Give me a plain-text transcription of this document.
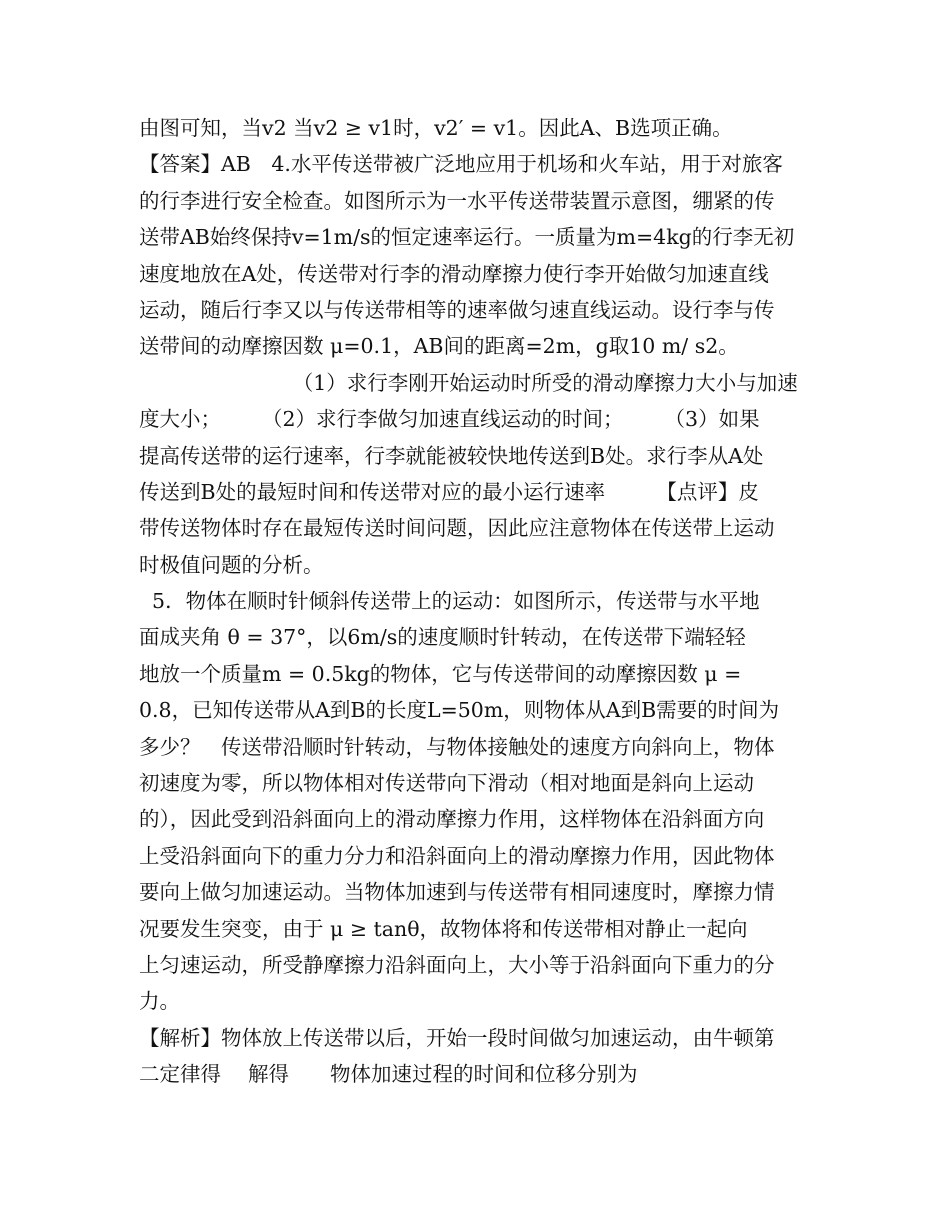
由图可知，当v2 当v2 ≥ v1时，v2′ = v1。因此A、B选项正确。
【答案】AB　4.水平传送带被广泛地应用于机场和火车站，用于对旅客
的行李进行安全检查。如图所示为一水平传送带装置示意图，绷紧的传
送带AB始终保持v=1m/s的恒定速率运行。一质量为m=4kg的行李无初
速度地放在A处，传送带对行李的滑动摩擦力使行李开始做匀加速直线
运动，随后行李又以与传送带相等的速率做匀速直线运动。设行李与传
送带间的动摩擦因数 μ=0.1，AB间的距离=2m，g取10 m/ s2。
　　　　　　　　（1）求行李刚开始运动时所受的滑动摩擦力大小与加速
度大小；　　　（2）求行李做匀加速直线运动的时间；　　　（3）如果
提高传送带的运行速率，行李就能被较快地传送到B处。求行李从A处
传送到B处的最短时间和传送带对应的最小运行速率　　　【点评】皮
带传送物体时存在最短传送时间问题，因此应注意物体在传送带上运动
时极值问题的分析。
5．物体在顺时针倾斜传送带上的运动：如图所示，传送带与水平地
面成夹角 θ = 37°，以6m/s的速度顺时针转动，在传送带下端轻轻
地放一个质量m = 0.5kg的物体，它与传送带间的动摩擦因数 μ =
0.8，已知传送带从A到B的长度L=50m，则物体从A到B需要的时间为
多少？　传送带沿顺时针转动，与物体接触处的速度方向斜向上，物体
初速度为零，所以物体相对传送带向下滑动（相对地面是斜向上运动
的），因此受到沿斜面向上的滑动摩擦力作用，这样物体在沿斜面方向
上受沿斜面向下的重力分力和沿斜面向上的滑动摩擦力作用，因此物体
要向上做匀加速运动。当物体加速到与传送带有相同速度时，摩擦力情
况要发生突变，由于 μ ≥ tanθ，故物体将和传送带相对静止一起向
上匀速运动，所受静摩擦力沿斜面向上，大小等于沿斜面向下重力的分
力。
【解析】物体放上传送带以后，开始一段时间做匀加速运动，由牛顿第
二定律得　 解得　　物体加速过程的时间和位移分别为
